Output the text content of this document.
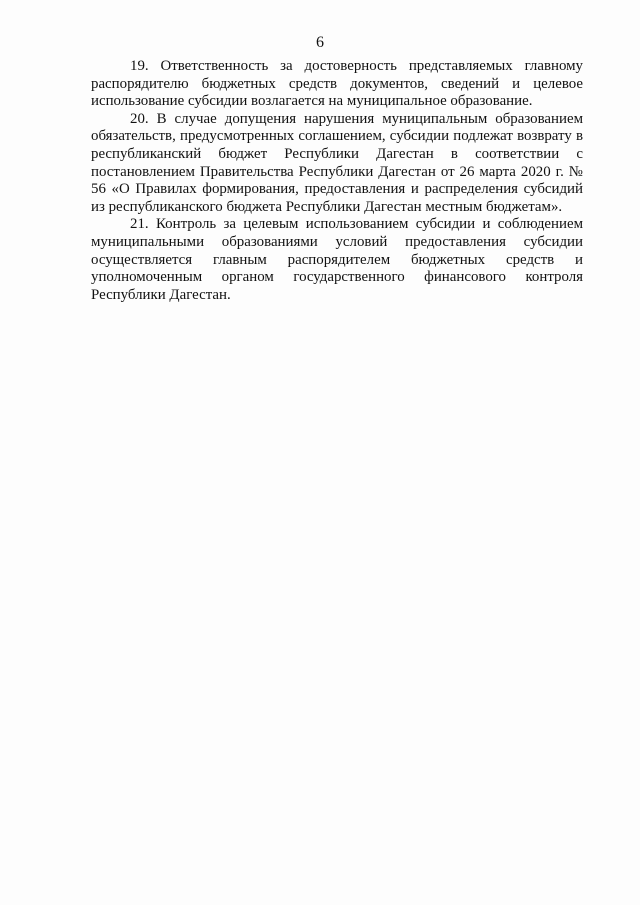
6

19. Ответственность за достоверность представляемых главному распорядителю бюджетных средств документов, сведений и целевое использование субсидии возлагается на муниципальное образование.

20. В случае допущения нарушения муниципальным образованием обязательств, предусмотренных соглашением, субсидии подлежат возврату в республиканский бюджет Республики Дагестан в соответствии с постановлением Правительства Республики Дагестан от 26 марта 2020 г. № 56 «О Правилах формирования, предоставления и распределения субсидий из республиканского бюджета Республики Дагестан местным бюджетам».

21. Контроль за целевым использованием субсидии и соблюдением муниципальными образованиями условий предоставления субсидии осуществляется главным распорядителем бюджетных средств и уполномоченным органом государственного финансового контроля Республики Дагестан.
